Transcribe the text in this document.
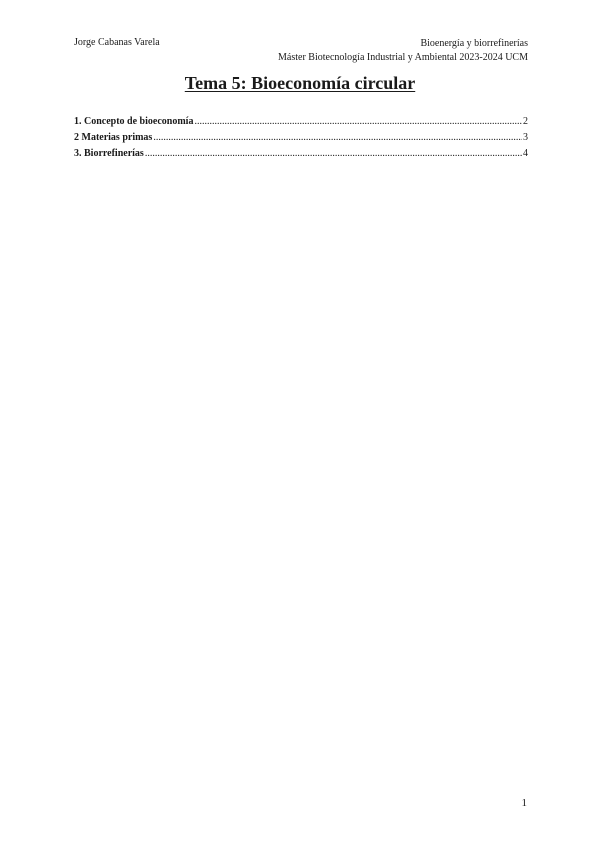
Jorge Cabanas Varela	Bioenergía y biorrefinerías
Máster Biotecnología Industrial y Ambiental 2023-2024 UCM
Tema 5: Bioeconomía circular
1. Concepto de bioeconomía .....	2
2 Materias primas .....	3
3. Biorrefinerías .....	4
1
